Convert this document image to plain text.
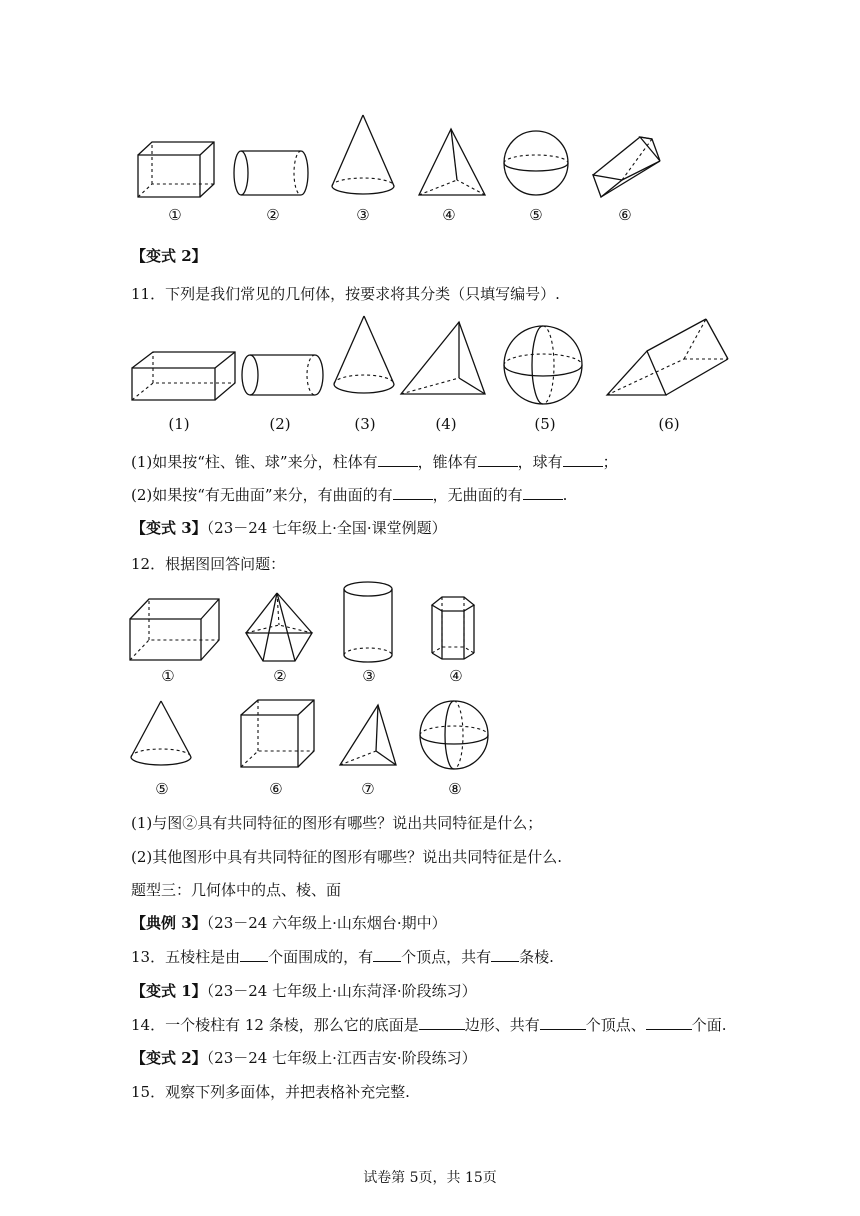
①	②	③	④	⑤	⑥
【变式 2】
11．下列是我们常见的几何体，按要求将其分类（只填写编号）.
(1)	(2)	(3)	(4)	(5)	(6)
(1)如果按“柱、锥、球”来分，柱体有	，锥体有	，球有	；
(2)如果按“有无曲面”来分，有曲面的有	，无曲面的有	.
【变式 3】（23－24 七年级上·全国·课堂例题）
12．根据图回答问题：
①	②	③	④
⑤	⑥	⑦	⑧
(1)与图②具有共同特征的图形有哪些？说出共同特征是什么；
(2)其他图形中具有共同特征的图形有哪些？说出共同特征是什么.
题型三：几何体中的点、棱、面
【典例 3】（23－24 六年级上·山东烟台·期中）
13．五棱柱是由 个面围成的，有 个顶点，共有 条棱.
【变式 1】（23－24 七年级上·山东菏泽·阶段练习）
14．一个棱柱有 12 条棱，那么它的底面是	边形、共有	个顶点、	个面.
【变式 2】（23－24 七年级上·江西吉安·阶段练习）
15．观察下列多面体，并把表格补充完整.
试卷第 5页，共 15页
